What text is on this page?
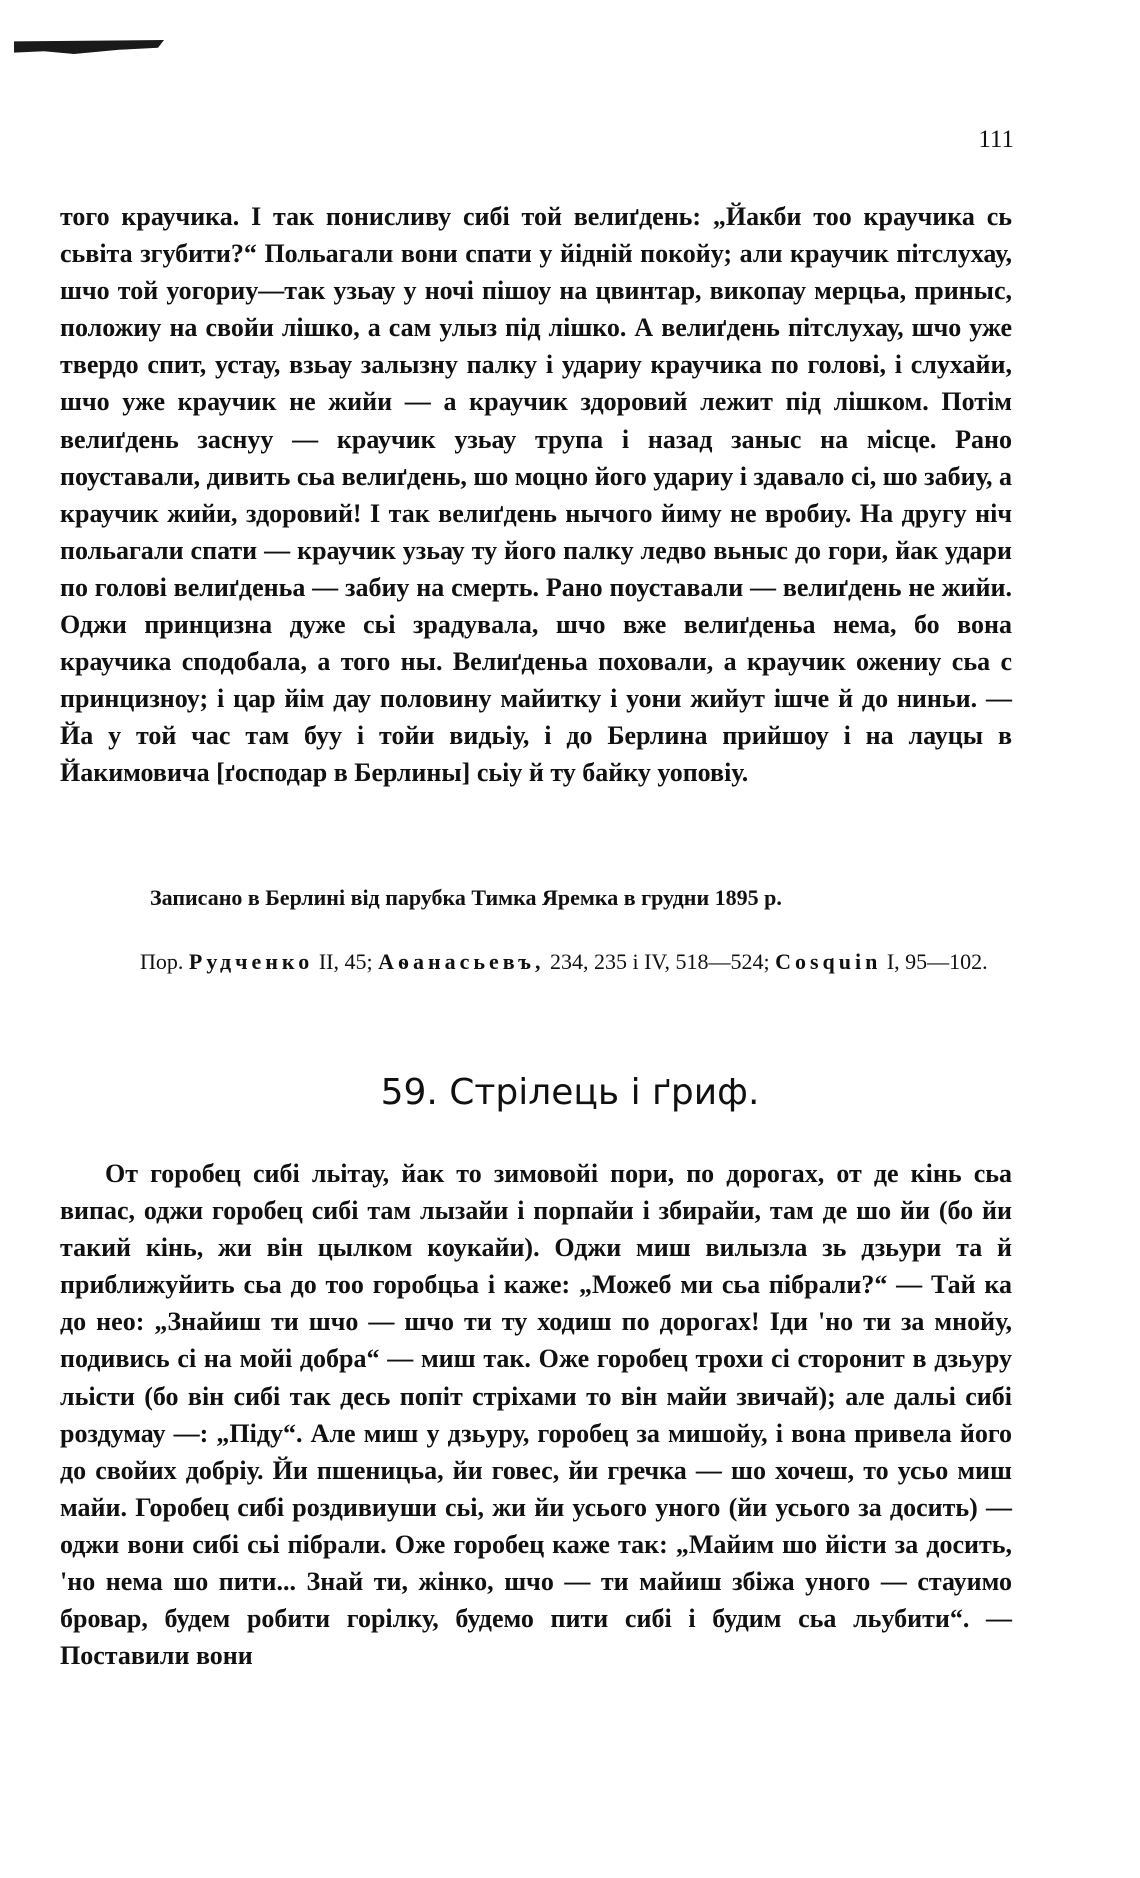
111

того краучика. І так понисливу сибі той велиґдень: „Йакби тоо краучика сь сьвіта згубити?“ Польагали вони спати у йідній покойу; али краучик пітслухау, шчо той уогориу—так узьау у ночі пішоу на цвинтар, викопау мерцьа, приныс, положиу на свойи лішко, а сам улыз під лішко. А велиґдень пітслухау, шчо уже твердо спит, устау, взьау залызну палку і удариу краучика по голові, і слухайи, шчо уже краучик не жийи — а краучик здоровий лежит під лішком. Потім велиґдень заснуу — краучик узьау трупа і назад заныс на місце. Рано поуставали, дивить сьа велиґдень, шо моцно його удариу і здавало сі, шо забиу, а краучик жийи, здоровий! І так велиґдень нычого йиму не вробиу. На другу ніч польагали спати — краучик узьау ту його палку ледво вьныс до гори, йак удари по голові велиґденьа — забиу на смерть. Рано поуставали — велиґдень не жийи. Оджи принцизна дуже сьі зрадувала, шчо вже велиґденьа нема, бо вона краучика сподобала, а того ны. Велиґденьа поховали, а краучик ожениу сьа с принцизноу; і цар йім дау половину майитку і уони жийут ішче й до ниньи. — Йа у той час там буу і тойи видьіу, і до Берлина прийшоу і на лауцы в Йакимовича [ґосподар в Берлины] сьіу й ту байку уоповіу.

Записано в Берлині від парубка Тимка Яремка в грудни 1895 р.
Пор. Рудченко II, 45; Аѳанасьевъ, 234, 235 і IV, 518—524; Cosquin I, 95—102.
59. Стрілець і ґриф.

От горобец сибі льітау, йак то зимовойі пори, по дорогах, от де кінь сьа випас, оджи горобец сибі там лызайи і порпайи і збирайи, там де шо йи (бо йи такий кінь, жи він цылком коукайи). Оджи миш вилызла зь дзьури та й приближуйить сьа до тоо горобцьа і каже: „Можеб ми сьа пібрали?“ — Тай ка до нео: „Знайиш ти шчо — шчо ти ту ходиш по дорогах! Іди 'но ти за мнойу, подивись сі на мойі добра“ — миш так. Оже горобец трохи сі сторонит в дзьуру льісти (бо він сибі так десь попіт стріхами то він майи звичай); але дальі сибі роздумау —: „Піду“. Але миш у дзьуру, горобец за мишойу, і вона привела його до свойих добріу. Йи пшеницьа, йи говес, йи гречка — шо хочеш, то усьо миш майи. Горобец сибі роздивиуши сьі, жи йи усього уного (йи усього за досить) — оджи вони сибі сьі пібрали. Оже горобец каже так: „Майим шо йісти за досить, 'но нема шо пити... Знай ти, жінко, шчо — ти майиш збіжа уного — стауимо бровар, будем робити горілку, будемо пити сибі і будим сьа льубити“. — Поставили вони
